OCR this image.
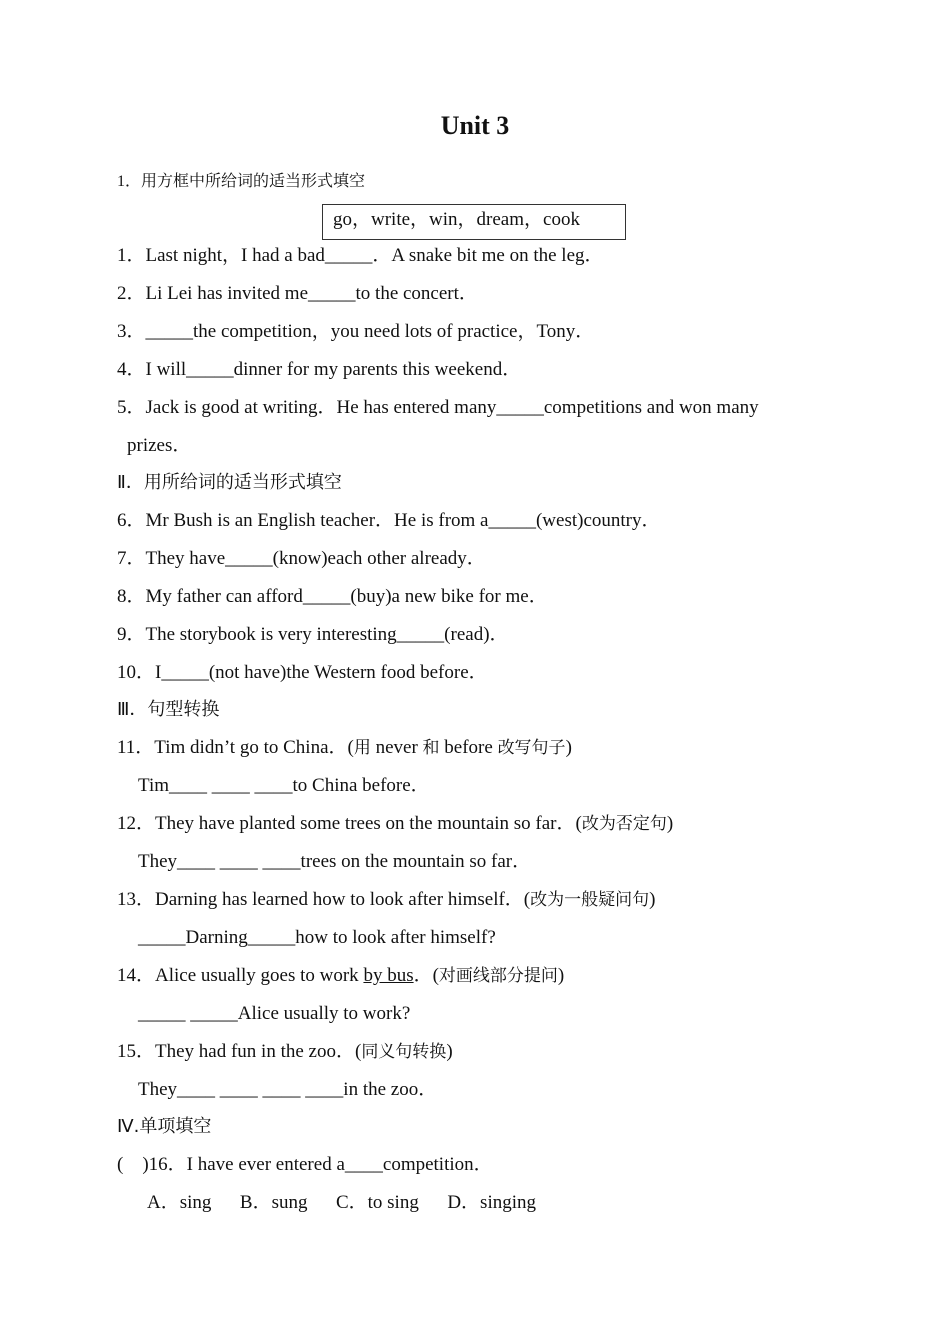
Unit 3
1．用方框中所给词的适当形式填空
go，write，win，dream，cook
1．Last night，I had a bad_____．A snake bit me on the leg．
2．Li Lei has invited me_____to the concert．
3．_____the competition，you need lots of practice，Tony．
4．I will_____dinner for my parents this weekend．
5．Jack is good at writing．He has entered many_____competitions and won many
prizes．
Ⅱ．用所给词的适当形式填空
6．Mr Bush is an English teacher．He is from a_____(west)country．
7．They have_____(know)each other already．
8．My father can afford_____(buy)a new bike for me．
9．The storybook is very interesting_____(read)．
10．I_____(not have)the Western food before．
Ⅲ．句型转换
11．Tim didn’t go to China．(用 never 和 before 改写句子)
Tim____ ____ ____to China before．
12．They have planted some trees on the mountain so far．(改为否定句)
They____ ____ ____trees on the mountain so far．
13．Darning has learned how to look after himself．(改为一般疑问句)
_____Darning_____how to look after himself?
14．Alice usually goes to work by bus．(对画线部分提问)
_____ _____Alice usually to work?
15．They had fun in the zoo．(同义句转换)
They____ ____ ____ ____in the zoo．
Ⅳ.单项填空
(    )16．I have ever entered a____competition．
A．sing      B．sung      C．to sing      D．singing
